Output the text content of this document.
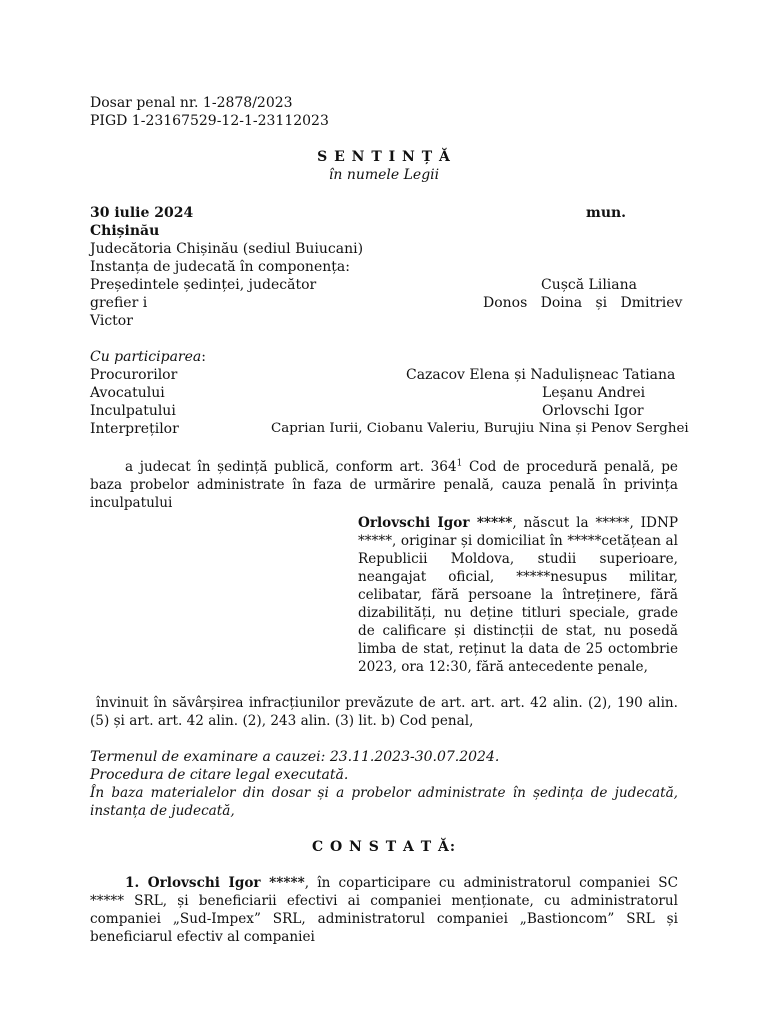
Dosar penal nr. 1-2878/2023
PIGD 1-23167529-12-1-23112023
S E N T I N Ț Ă
în numele Legii
30 iulie 2024	mun.
Chișinău
Judecătoria Chișinău (sediul Buiucani)
Instanța de judecată în componența:
Președintele ședinței, judecător	Cușcă Liliana
grefier i	Donos   Doina   și   Dmitriev
Victor
Cu participarea:
Procurorilor	Cazacov Elena și Nadulișneac Tatiana
Avocatului	Leșanu Andrei
Inculpatului	Orlovschi Igor
Interpreților	Caprian Iurii, Ciobanu Valeriu, Burujiu Nina și Penov Serghei
a judecat în ședință publică, conform art. $364^1$ Cod de procedură penală, pe baza probelor administrate în faza de urmărire penală, cauza penală în privința inculpatului
Orlovschi Igor *****, născut la *****, IDNP *****, originar și domiciliat în *****cetățean al Republicii Moldova, studii superioare, neangajat oficial, *****nesupus militar, celibatar, fără persoane la întreținere, fără dizabilități, nu deține titluri speciale, grade de calificare și distincții de stat, nu posedă limba de stat, reținut la data de 25 octombrie 2023, ora 12:30, fără antecedente penale,
învinuit în săvârșirea infracțiunilor prevăzute de art. art. art. 42 alin. (2), 190 alin. (5) și art. art. 42 alin. (2), 243 alin. (3) lit. b) Cod penal,
Termenul de examinare a cauzei: 23.11.2023-30.07.2024.
Procedura de citare legal executată.
În baza materialelor din dosar și a probelor administrate în ședința de judecată, instanța de judecată,
C O N S T A T Ă:
1. Orlovschi Igor *****, în coparticipare cu administratorul companiei SC ***** SRL, și beneficiarii efectivi ai companiei menționate, cu administratorul companiei „Sud-Impex” SRL, administratorul companiei „Bastioncom” SRL și beneficiarul efectiv al companiei
